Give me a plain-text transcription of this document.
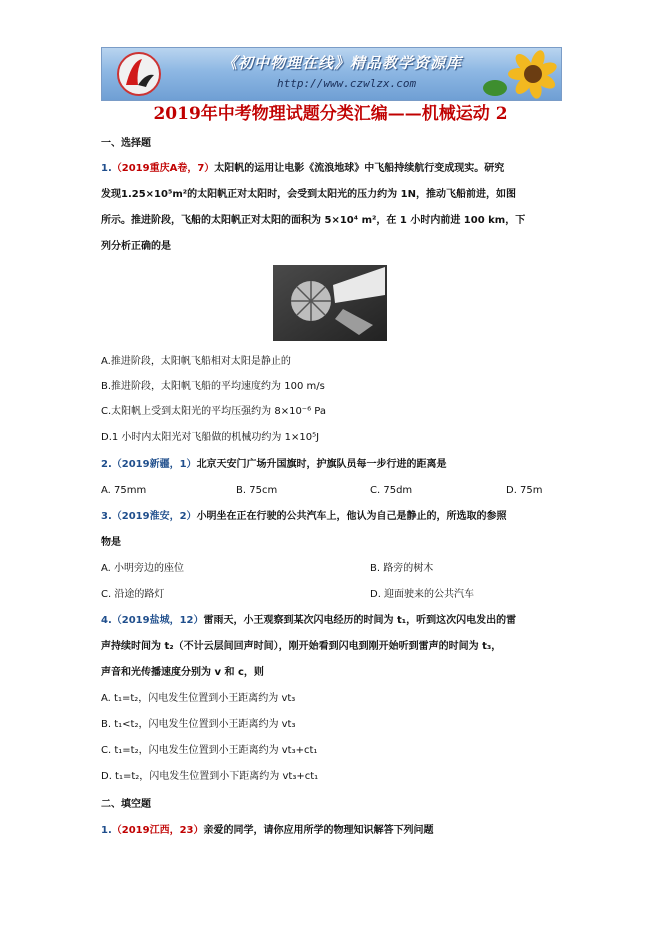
《初中物理在线》精品教学资源库
http://www.czwlzx.com
2019年中考物理试题分类汇编——机械运动 2
一、选择题
1.（2019重庆A卷，7）太阳帆的运用让电影《流浪地球》中飞船持续航行变成现实。研究
发现1.25×10⁵m²的太阳帆正对太阳时，会受到太阳光的压力约为 1N，推动飞船前进，如图
所示。推进阶段，飞船的太阳帆正对太阳的面积为 5×10⁴ m²，在 1 小时内前进 100 km，下
列分析正确的是
A.推进阶段，太阳帆飞船相对太阳是静止的
B.推进阶段，太阳帆飞船的平均速度约为 100 m/s
C.太阳帆上受到太阳光的平均压强约为 8×10⁻⁶ Pa
D.1 小时内太阳光对飞船做的机械功约为 1×10⁵J
2.（2019新疆，1）北京天安门广场升国旗时，护旗队员每一步行进的距离是
A. 75mm	B. 75cm	C. 75dm	D. 75m
3.（2019淮安，2）小明坐在正在行驶的公共汽车上，他认为自己是静止的，所选取的参照
物是
A. 小明旁边的座位	B. 路旁的树木
C. 沿途的路灯	D. 迎面驶来的公共汽车
4.（2019盐城，12）雷雨天，小王观察到某次闪电经历的时间为 t₁，听到这次闪电发出的雷
声持续时间为 t₂（不计云层间回声时间），刚开始看到闪电到刚开始听到雷声的时间为 t₃，
声音和光传播速度分别为 v 和 c，则
A. t₁=t₂，闪电发生位置到小王距离约为 vt₃
B. t₁<t₂，闪电发生位置到小王距离约为 vt₃
C. t₁=t₂，闪电发生位置到小王距离约为 vt₃+ct₁
D. t₁=t₂，闪电发生位置到小下距离约为 vt₃+ct₁
二、填空题
1.（2019江西，23）亲爱的同学，请你应用所学的物理知识解答下列问题
